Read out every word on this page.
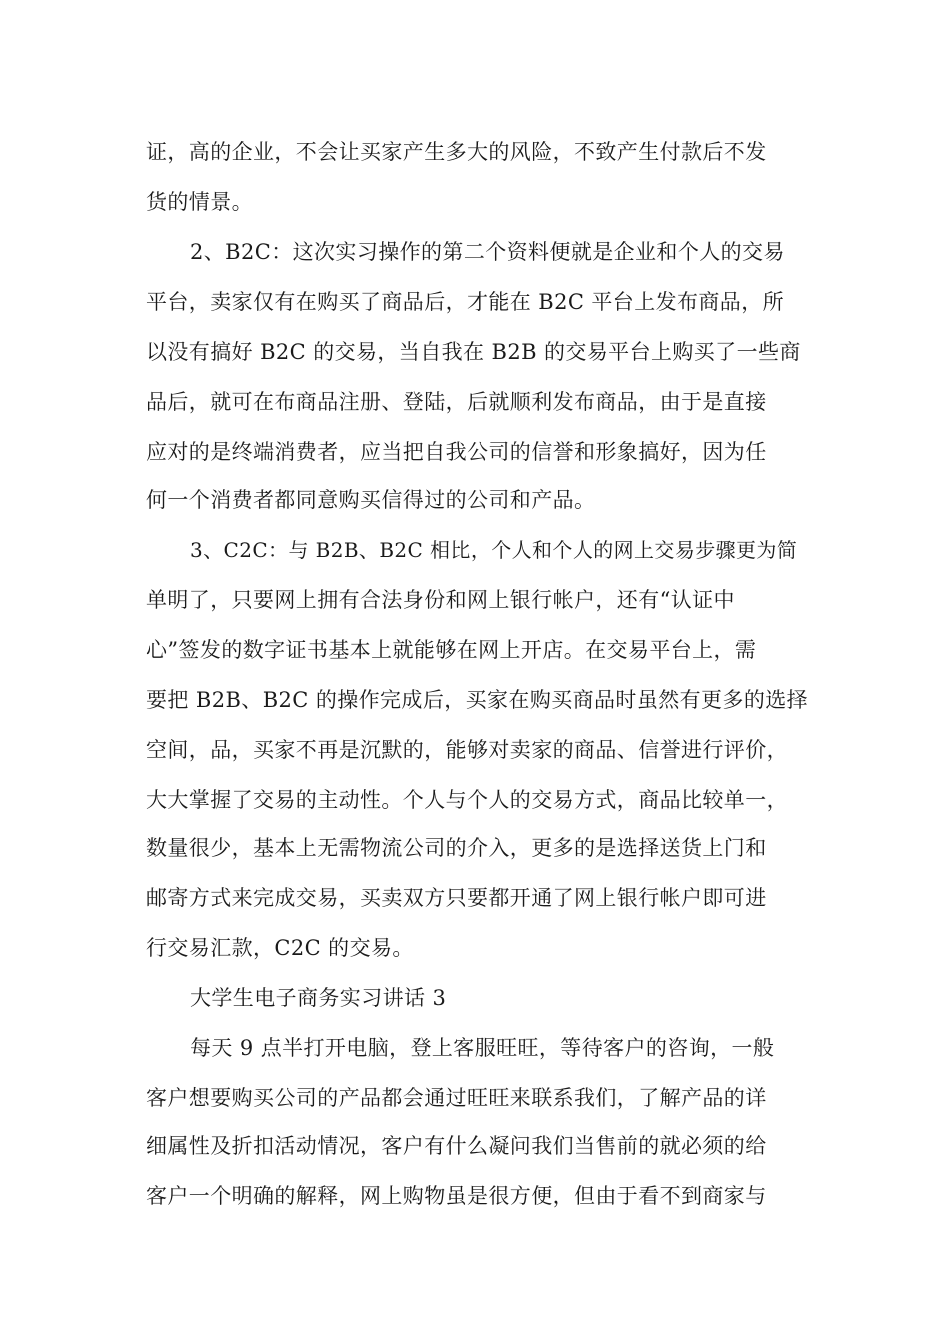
证，高的企业，不会让买家产生多大的风险，不致产生付款后不发
货的情景。
2、B2C：这次实习操作的第二个资料便就是企业和个人的交易
平台，卖家仅有在购买了商品后，才能在 B2C 平台上发布商品，所
以没有搞好 B2C 的交易，当自我在 B2B 的交易平台上购买了一些商
品后，就可在布商品注册、登陆，后就顺利发布商品，由于是直接
应对的是终端消费者，应当把自我公司的信誉和形象搞好，因为任
何一个消费者都同意购买信得过的公司和产品。
3、C2C：与 B2B、B2C 相比，个人和个人的网上交易步骤更为简
单明了，只要网上拥有合法身份和网上银行帐户，还有“认证中
心”签发的数字证书基本上就能够在网上开店。在交易平台上，需
要把 B2B、B2C 的操作完成后，买家在购买商品时虽然有更多的选择
空间，品，买家不再是沉默的，能够对卖家的商品、信誉进行评价，
大大掌握了交易的主动性。个人与个人的交易方式，商品比较单一，
数量很少，基本上无需物流公司的介入，更多的是选择送货上门和
邮寄方式来完成交易，买卖双方只要都开通了网上银行帐户即可进
行交易汇款，C2C 的交易。
大学生电子商务实习讲话 3
每天 9 点半打开电脑，登上客服旺旺，等待客户的咨询，一般
客户想要购买公司的产品都会通过旺旺来联系我们，了解产品的详
细属性及折扣活动情况，客户有什么凝问我们当售前的就必须的给
客户一个明确的解释，网上购物虽是很方便，但由于看不到商家与
